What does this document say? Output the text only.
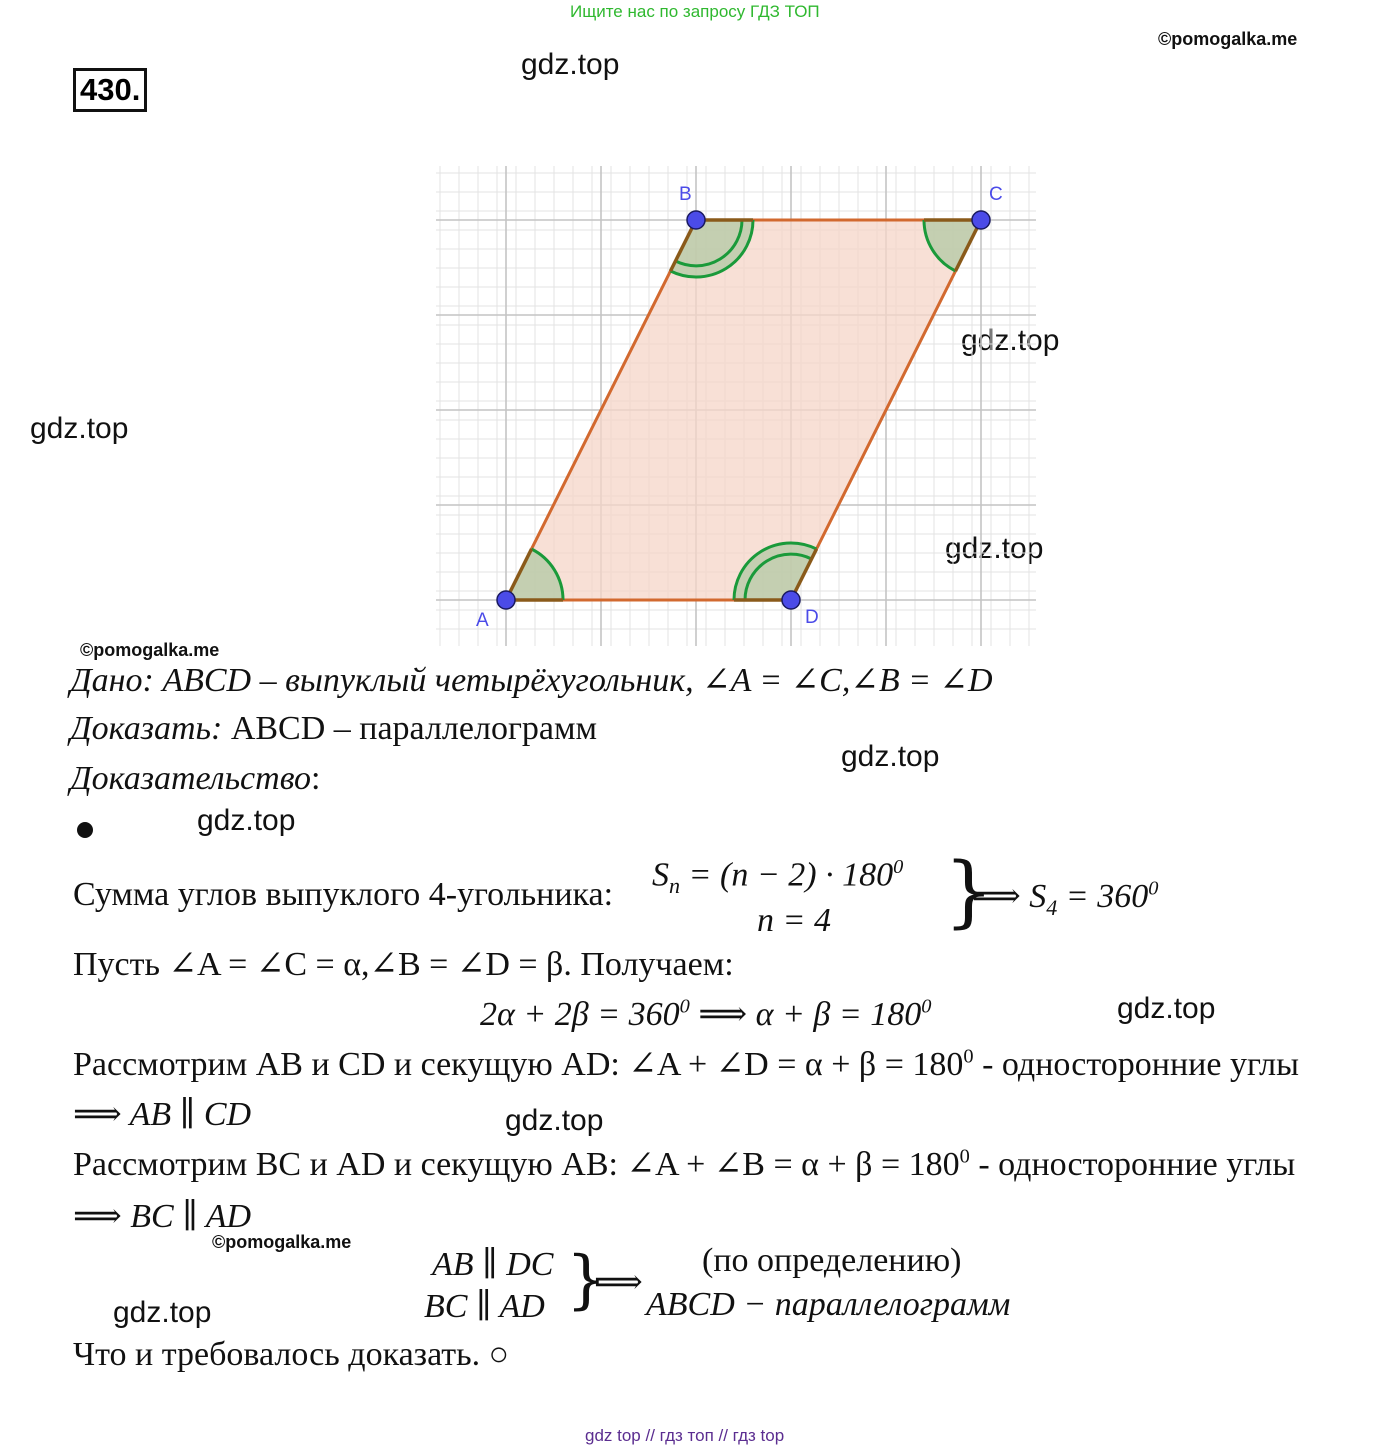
Ищите нас по запросу ГДЗ ТОП
©pomogalka.me
430.
gdz.top
gdz.top
gdz.top
gdz.top
gdz.top
gdz.top
gdz.top
gdz.top
gdz.top
©pomogalka.me
©pomogalka.me
A
B	C
D
Дано: ABCD – выпуклый четырёхугольник, ∠A = ∠C,∠B = ∠D
Доказать: ABCD – параллелограмм
Доказательство:
Сумма углов выпуклого 4-угольника:
$S_n = (n - 2) \cdot 180^0$
n = 4 }
⟹ $S_4 = 360^0$
Пусть ∠A = ∠C = α,∠B = ∠D = β. Получаем:
$2\alpha + 2\beta = 360^0$ ⟹ $\alpha + \beta = 180^0$
Рассмотрим AB и CD и секущую AD: ∠A + ∠D = $\alpha + \beta = 180^0$ - односторонние углы
⟹ AB ∥ CD
Рассмотрим BC и AD и секущую AB: ∠A + ∠B = $\alpha + \beta = 180^0$ - односторонние углы
⟹ BC ∥ AD
AB ∥ DC
BC ∥ AD }
⟹
(по определению)
ABCD − параллелограмм
Что и требовалось доказать. ○
gdz top // гдз топ // гдз top
